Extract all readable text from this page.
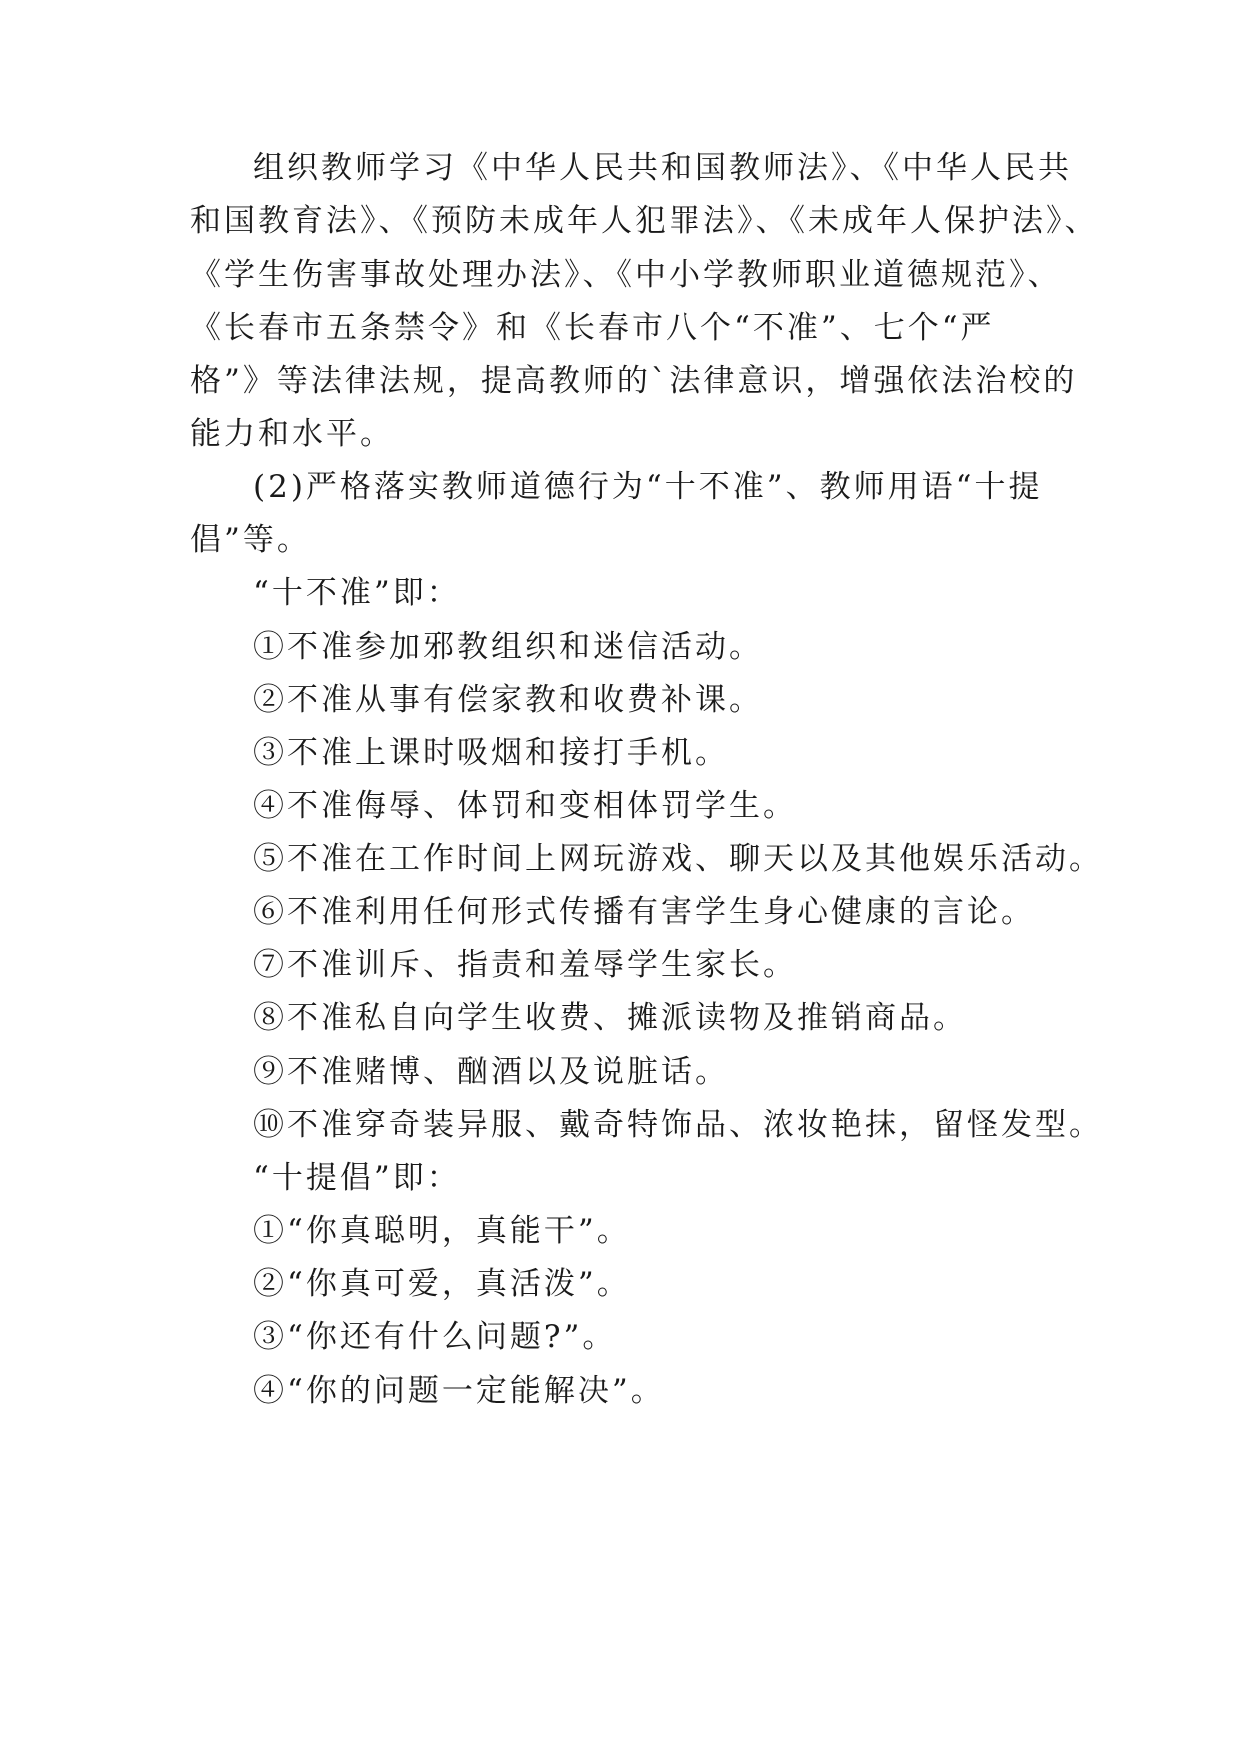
组织教师学习《中华人民共和国教师法》、《中华人民共
和国教育法》、《预防未成年人犯罪法》、《未成年人保护法》、
《学生伤害事故处理办法》、《中小学教师职业道德规范》、
《长春市五条禁令》和《长春市八个“不准”、七个“严
格”》等法律法规，提高教师的`法律意识，增强依法治校的
能力和水平。
(2)严格落实教师道德行为“十不准”、教师用语“十提
倡”等。
“十不准”即：
①不准参加邪教组织和迷信活动。
②不准从事有偿家教和收费补课。
③不准上课时吸烟和接打手机。
④不准侮辱、体罚和变相体罚学生。
⑤不准在工作时间上网玩游戏、聊天以及其他娱乐活动。
⑥不准利用任何形式传播有害学生身心健康的言论。
⑦不准训斥、指责和羞辱学生家长。
⑧不准私自向学生收费、摊派读物及推销商品。
⑨不准赌博、酗酒以及说脏话。
⑩不准穿奇装异服、戴奇特饰品、浓妆艳抹，留怪发型。
“十提倡”即：
①“你真聪明，真能干”。
②“你真可爱，真活泼”。
③“你还有什么问题?”。
④“你的问题一定能解决”。
